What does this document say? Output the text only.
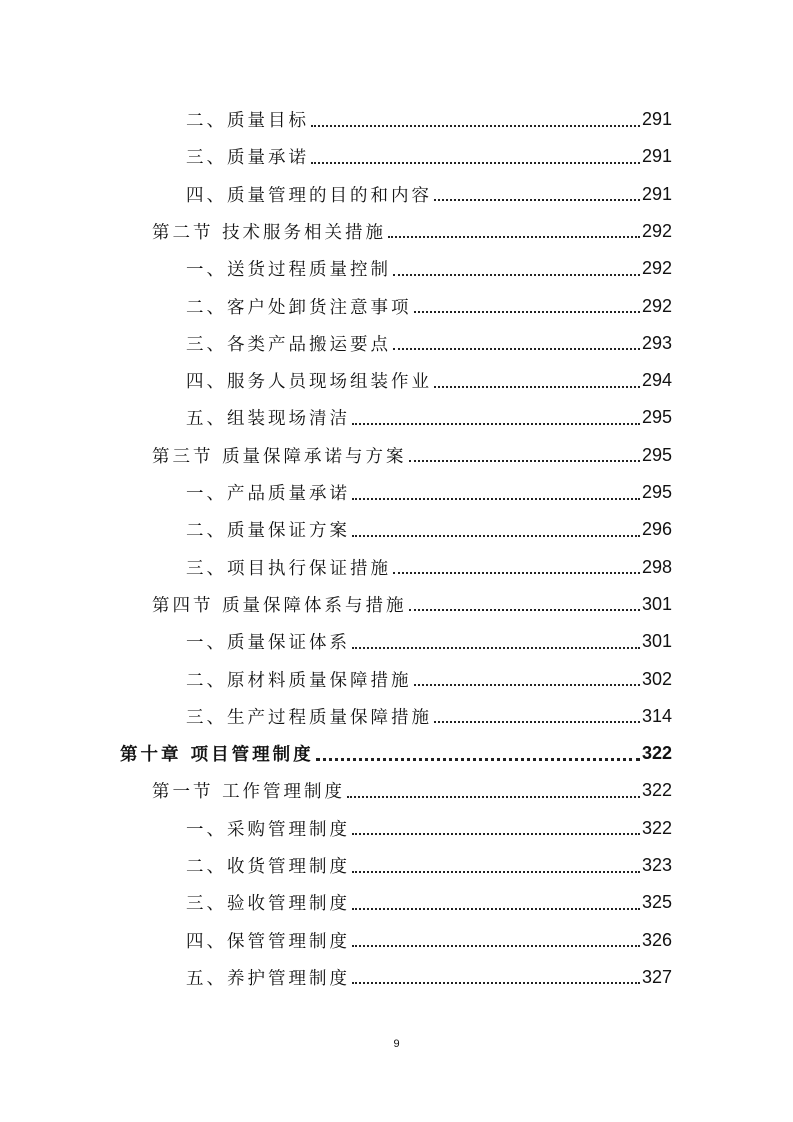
二、质量目标	291
三、质量承诺	291
四、质量管理的目的和内容	291
第二节 技术服务相关措施	292
一、送货过程质量控制	292
二、客户处卸货注意事项	292
三、各类产品搬运要点	293
四、服务人员现场组装作业	294
五、组装现场清洁	295
第三节 质量保障承诺与方案	295
一、产品质量承诺	295
二、质量保证方案	296
三、项目执行保证措施	298
第四节 质量保障体系与措施	301
一、质量保证体系	301
二、原材料质量保障措施	302
三、生产过程质量保障措施	314
第十章 项目管理制度	322
第一节 工作管理制度	322
一、采购管理制度	322
二、收货管理制度	323
三、验收管理制度	325
四、保管管理制度	326
五、养护管理制度	327
9
